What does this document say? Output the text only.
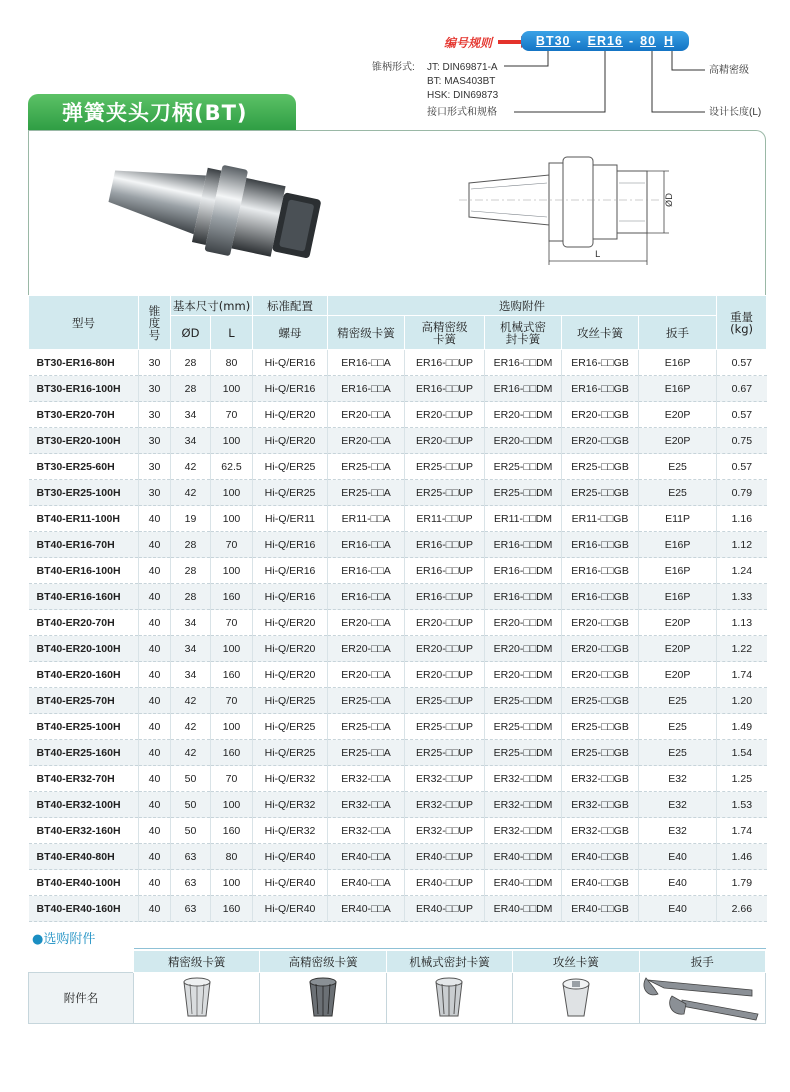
编号规则	BT30 - ER16 - 80 H
锥柄形式: JT: DIN69871-A
BT: MAS403BT
HSK: DIN69873
接口形式和规格
高精密级
设计长度(L)
弹簧夹头刀柄(BT)
ØD
L
型号	锥度号	基本尺寸(mm)		标准配置	选购附件					重量(kg)
		ØD	L	螺母	精密级卡簧	高精密级卡簧	机械式密封卡簧	攻丝卡簧	扳手	
BT30-ER16-80H	30	28	80	Hi-Q/ER16	ER16-□□A	ER16-□□UP	ER16-□□DM	ER16-□□GB	E16P	0.57
BT30-ER16-100H	30	28	100	Hi-Q/ER16	ER16-□□A	ER16-□□UP	ER16-□□DM	ER16-□□GB	E16P	0.67
BT30-ER20-70H	30	34	70	Hi-Q/ER20	ER20-□□A	ER20-□□UP	ER20-□□DM	ER20-□□GB	E20P	0.57
BT30-ER20-100H	30	34	100	Hi-Q/ER20	ER20-□□A	ER20-□□UP	ER20-□□DM	ER20-□□GB	E20P	0.75
BT30-ER25-60H	30	42	62.5	Hi-Q/ER25	ER25-□□A	ER25-□□UP	ER25-□□DM	ER25-□□GB	E25	0.57
BT30-ER25-100H	30	42	100	Hi-Q/ER25	ER25-□□A	ER25-□□UP	ER25-□□DM	ER25-□□GB	E25	0.79
BT40-ER11-100H	40	19	100	Hi-Q/ER11	ER11-□□A	ER11-□□UP	ER11-□□DM	ER11-□□GB	E11P	1.16
BT40-ER16-70H	40	28	70	Hi-Q/ER16	ER16-□□A	ER16-□□UP	ER16-□□DM	ER16-□□GB	E16P	1.12
BT40-ER16-100H	40	28	100	Hi-Q/ER16	ER16-□□A	ER16-□□UP	ER16-□□DM	ER16-□□GB	E16P	1.24
BT40-ER16-160H	40	28	160	Hi-Q/ER16	ER16-□□A	ER16-□□UP	ER16-□□DM	ER16-□□GB	E16P	1.33
BT40-ER20-70H	40	34	70	Hi-Q/ER20	ER20-□□A	ER20-□□UP	ER20-□□DM	ER20-□□GB	E20P	1.13
BT40-ER20-100H	40	34	100	Hi-Q/ER20	ER20-□□A	ER20-□□UP	ER20-□□DM	ER20-□□GB	E20P	1.22
BT40-ER20-160H	40	34	160	Hi-Q/ER20	ER20-□□A	ER20-□□UP	ER20-□□DM	ER20-□□GB	E20P	1.74
BT40-ER25-70H	40	42	70	Hi-Q/ER25	ER25-□□A	ER25-□□UP	ER25-□□DM	ER25-□□GB	E25	1.20
BT40-ER25-100H	40	42	100	Hi-Q/ER25	ER25-□□A	ER25-□□UP	ER25-□□DM	ER25-□□GB	E25	1.49
BT40-ER25-160H	40	42	160	Hi-Q/ER25	ER25-□□A	ER25-□□UP	ER25-□□DM	ER25-□□GB	E25	1.54
BT40-ER32-70H	40	50	70	Hi-Q/ER32	ER32-□□A	ER32-□□UP	ER32-□□DM	ER32-□□GB	E32	1.25
BT40-ER32-100H	40	50	100	Hi-Q/ER32	ER32-□□A	ER32-□□UP	ER32-□□DM	ER32-□□GB	E32	1.53
BT40-ER32-160H	40	50	160	Hi-Q/ER32	ER32-□□A	ER32-□□UP	ER32-□□DM	ER32-□□GB	E32	1.74
BT40-ER40-80H	40	63	80	Hi-Q/ER40	ER40-□□A	ER40-□□UP	ER40-□□DM	ER40-□□GB	E40	1.46
BT40-ER40-100H	40	63	100	Hi-Q/ER40	ER40-□□A	ER40-□□UP	ER40-□□DM	ER40-□□GB	E40	1.79
BT40-ER40-160H	40	63	160	Hi-Q/ER40	ER40-□□A	ER40-□□UP	ER40-□□DM	ER40-□□GB	E40	2.66
●选购附件
	精密级卡簧	高精密级卡簧	机械式密封卡簧	攻丝卡簧	扳手
附件名	
